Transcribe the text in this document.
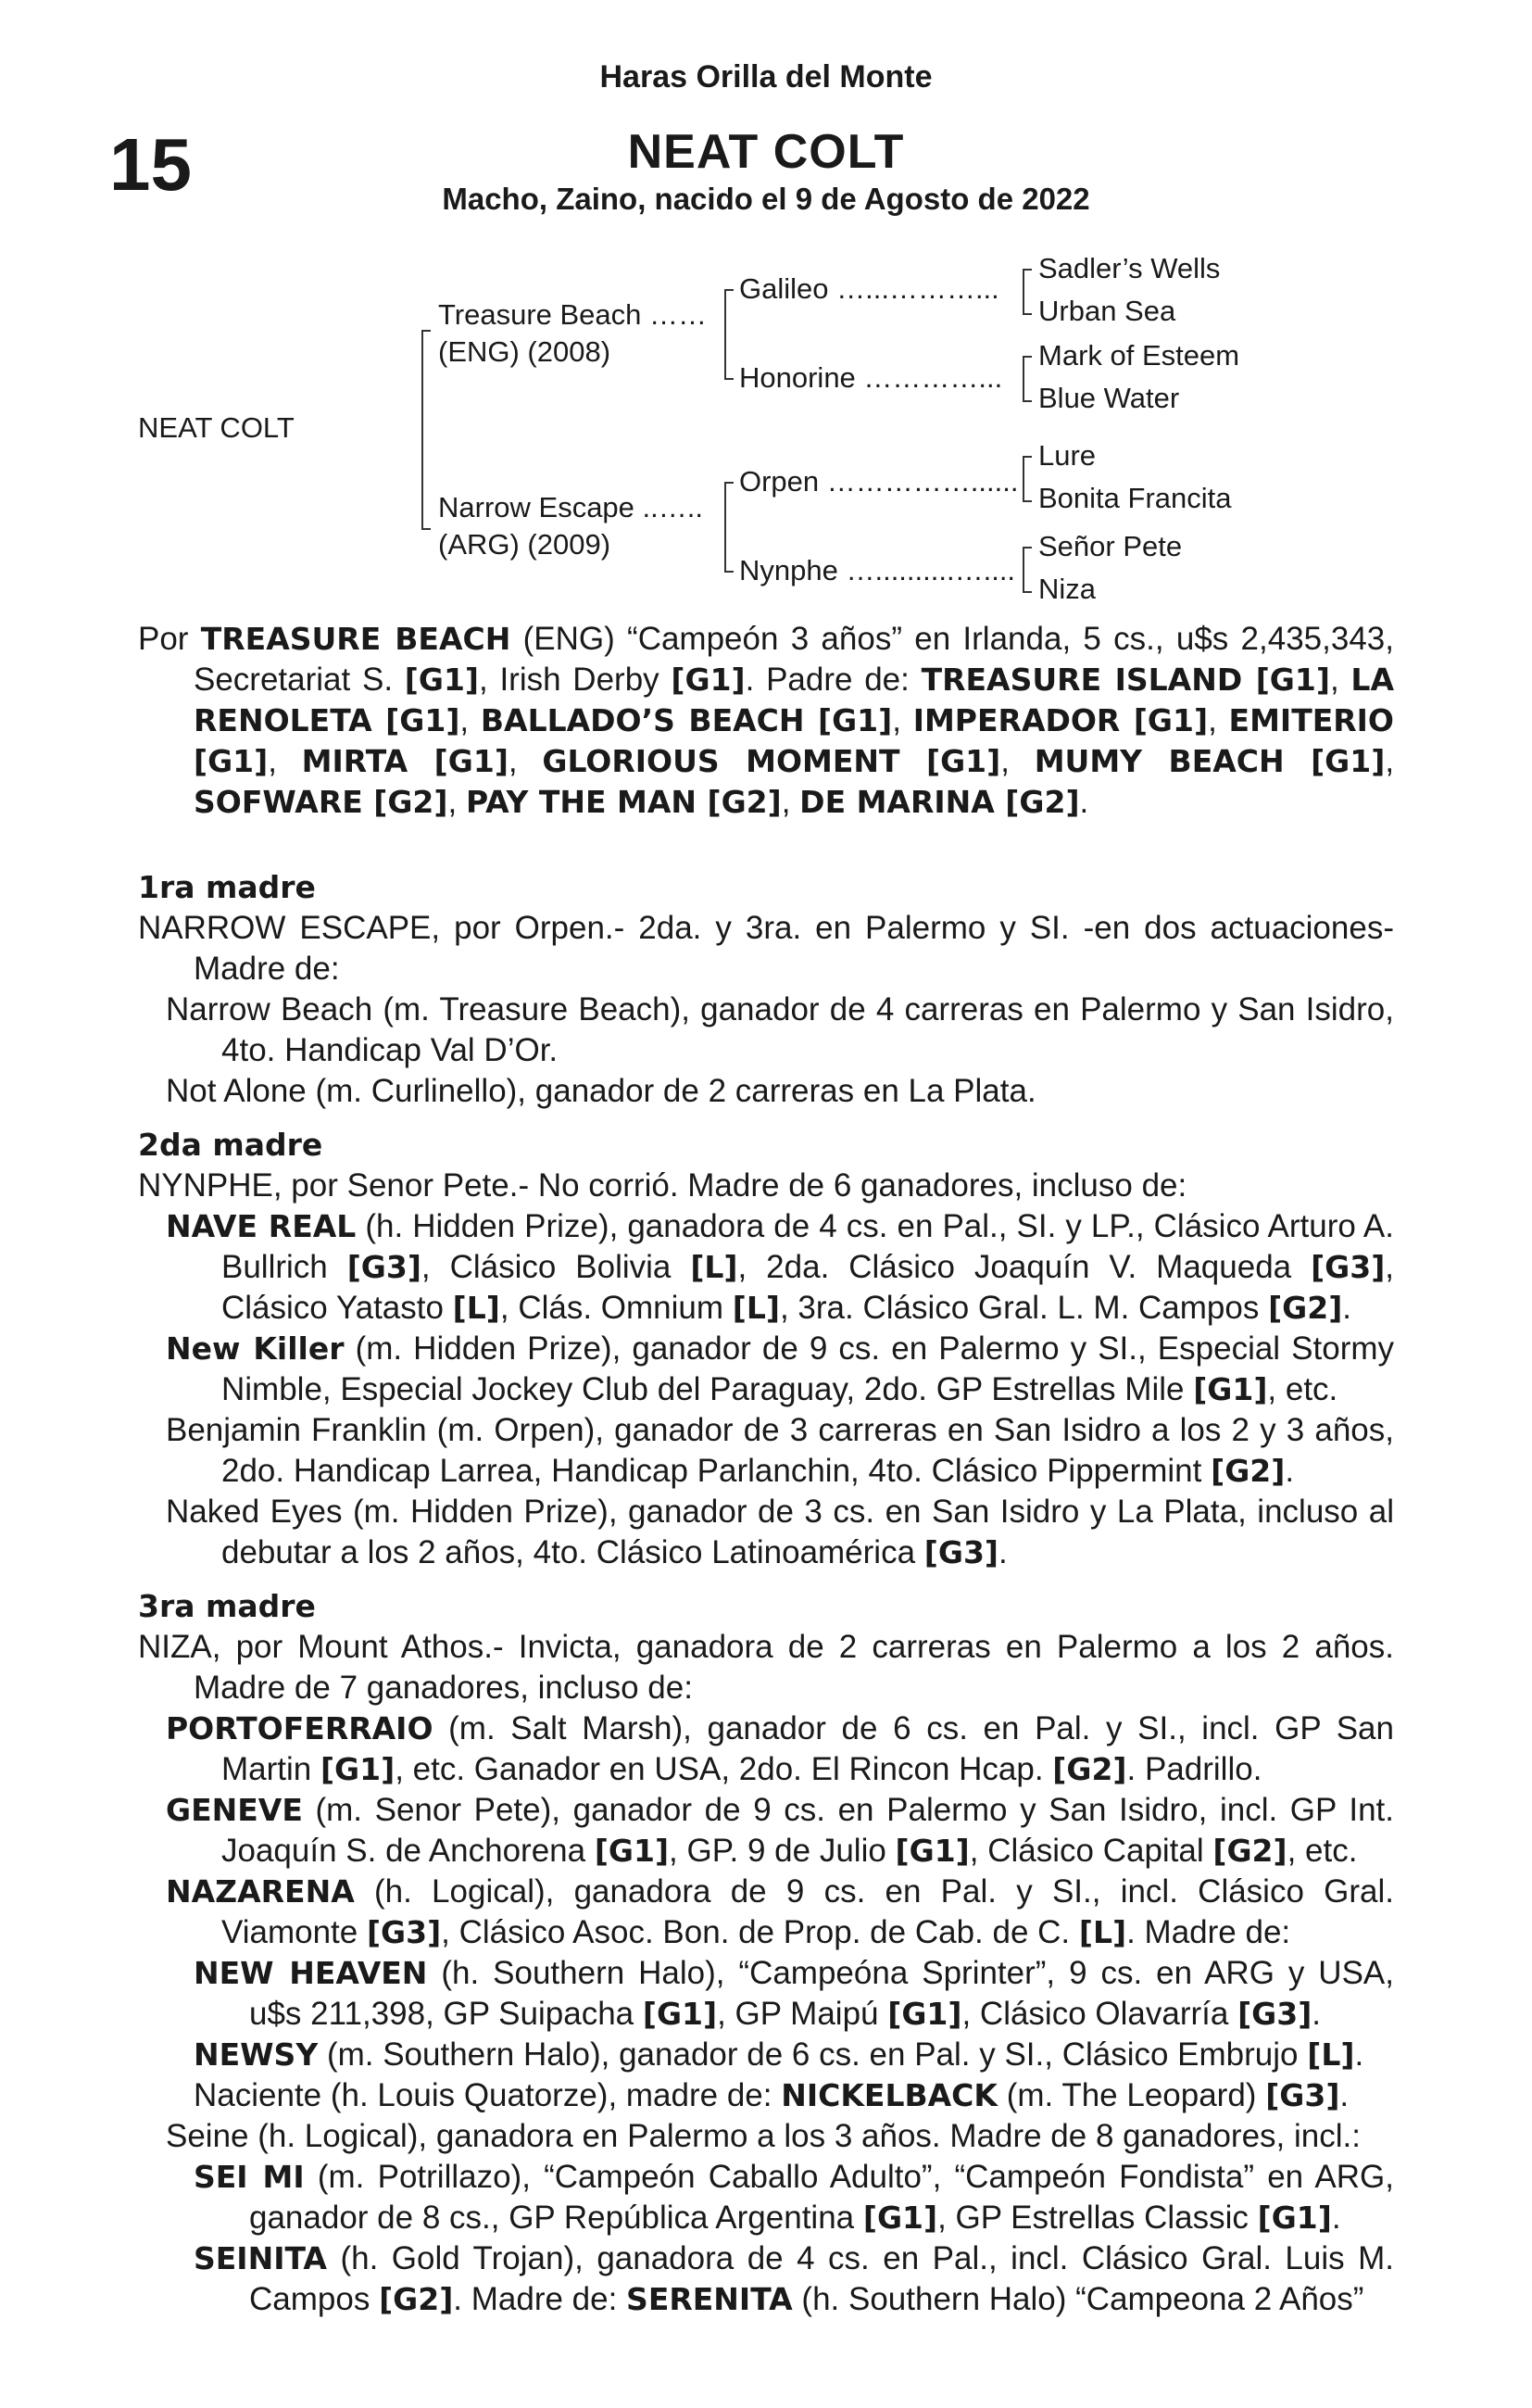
Haras Orilla del Monte
15	NEAT COLT
Macho, Zaino, nacido el 9 de Agosto de 2022
NEAT COLT
Treasure Beach ……
(ENG) (2008)
Narrow Escape ..…..
(ARG) (2009)
Galileo …...………...
Honorine …………...
Orpen ……………......
Nynphe …..........…....
Sadler’s Wells
Urban Sea
Mark of Esteem
Blue Water
Lure
Bonita Francita
Señor Pete
Niza

Por TREASURE BEACH (ENG) “Campeón 3 años” en Irlanda, 5 cs., u$s 2,435,343, Secretariat S. [G1], Irish Derby [G1]. Padre de: TREASURE ISLAND [G1], LA RENOLETA [G1], BALLADO’S BEACH [G1], IMPERADOR [G1], EMITERIO [G1], MIRTA [G1], GLORIOUS MOMENT [G1], MUMY BEACH [G1], SOFWARE [G2], PAY THE MAN [G2], DE MARINA [G2].

1ra madre

NARROW ESCAPE, por Orpen.- 2da. y 3ra. en Palermo y SI. -en dos actuaciones- Madre de:

Narrow Beach (m. Treasure Beach), ganador de 4 carreras en Palermo y San Isidro, 4to. Handicap Val D’Or.

Not Alone (m. Curlinello), ganador de 2 carreras en La Plata.

2da madre

NYNPHE, por Senor Pete.- No corrió. Madre de 6 ganadores, incluso de:

NAVE REAL (h. Hidden Prize), ganadora de 4 cs. en Pal., SI. y LP., Clásico Arturo A. Bullrich [G3], Clásico Bolivia [L], 2da. Clásico Joaquín V. Maqueda [G3], Clásico Yatasto [L], Clás. Omnium [L], 3ra. Clásico Gral. L. M. Campos [G2].

New Killer (m. Hidden Prize), ganador de 9 cs. en Palermo y SI., Especial Stormy Nimble, Especial Jockey Club del Paraguay, 2do. GP Estrellas Mile [G1], etc.

Benjamin Franklin (m. Orpen), ganador de 3 carreras en San Isidro a los 2 y 3 años, 2do. Handicap Larrea, Handicap Parlanchin, 4to. Clásico Pippermint [G2].

Naked Eyes (m. Hidden Prize), ganador de 3 cs. en San Isidro y La Plata, incluso al debutar a los 2 años, 4to. Clásico Latinoamérica [G3].

3ra madre

NIZA, por Mount Athos.- Invicta, ganadora de 2 carreras en Palermo a los 2 años. Madre de 7 ganadores, incluso de:

PORTOFERRAIO (m. Salt Marsh), ganador de 6 cs. en Pal. y SI., incl. GP San Martin [G1], etc. Ganador en USA, 2do. El Rincon Hcap. [G2]. Padrillo.

GENEVE (m. Senor Pete), ganador de 9 cs. en Palermo y San Isidro, incl. GP Int. Joaquín S. de Anchorena [G1], GP. 9 de Julio [G1], Clásico Capital [G2], etc.

NAZARENA (h. Logical), ganadora de 9 cs. en Pal. y SI., incl. Clásico Gral. Viamonte [G3], Clásico Asoc. Bon. de Prop. de Cab. de C. [L]. Madre de:

NEW HEAVEN (h. Southern Halo), “Campeóna Sprinter”, 9 cs. en ARG y USA, u$s 211,398, GP Suipacha [G1], GP Maipú [G1], Clásico Olavarría [G3].

NEWSY (m. Southern Halo), ganador de 6 cs. en Pal. y SI., Clásico Embrujo [L].

Naciente (h. Louis Quatorze), madre de: NICKELBACK (m. The Leopard) [G3].

Seine (h. Logical), ganadora en Palermo a los 3 años. Madre de 8 ganadores, incl.:

SEI MI (m. Potrillazo), “Campeón Caballo Adulto”, “Campeón Fondista” en ARG, ganador de 8 cs., GP República Argentina [G1], GP Estrellas Classic [G1].

SEINITA (h. Gold Trojan), ganadora de 4 cs. en Pal., incl. Clásico Gral. Luis M. Campos [G2]. Madre de: SERENITA (h. Southern Halo) “Campeona 2 Años”
